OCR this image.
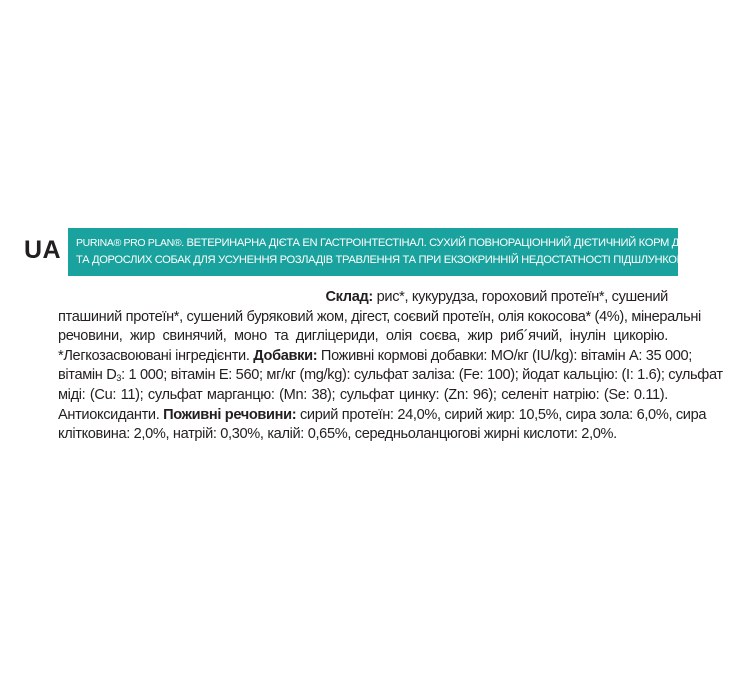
UA PURINA® PRO PLAN®. ВЕТЕРИНАРНА ДІЄТА EN ГАСТРОІНТЕСТІНАЛ. СУХИЙ ПОВНОРАЦІОННИЙ ДІЄТИЧНИЙ КОРМ ДЛЯ ЦУЦЕНЯТ
ТА ДОРОСЛИХ СОБАК ДЛЯ УСУНЕННЯ РОЗЛАДІВ ТРАВЛЕННЯ ТА ПРИ ЕКЗОКРИННІЙ НЕДОСТАТНОСТІ ПІДШЛУНКОВОЇ ЗАЛОЗИ.
Склад: рис*, кукурудза, гороховий протеїн*, сушений
пташиний протеїн*, сушений буряковий жом, дігест, соєвий протеїн, олія кокосова* (4%), мінеральні
речовини, жир свинячий, моно та дигліцериди, олія соєва, жир риб´ячий, інулін цикорію.
*Легкозасвоювані інгредієнти. Добавки: Поживні кормові добавки: МО/кг (IU/kg): вітамін А: 35 000;
вітамін $D_3$: 1 000; вітамін Е: 560; мг/кг (mg/kg): сульфат заліза: (Fe: 100); йодат кальцію: (I: 1.6); сульфат
міді: (Cu: 11); сульфат марганцю: (Mn: 38); сульфат цинку: (Zn: 96); селеніт натрію: (Se: 0.11).
Антиоксиданти. Поживні речовини: сирий протеїн: 24,0%, сирий жир: 10,5%, сира зола: 6,0%, сира
клітковина: 2,0%, натрій: 0,30%, калій: 0,65%, середньоланцюгові жирні кислоти: 2,0%.
